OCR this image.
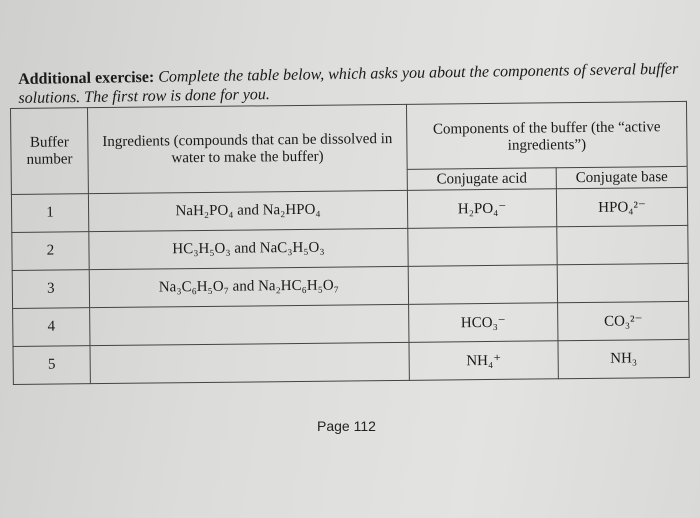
Additional exercise: Complete the table below, which asks you about the components of several buffer solutions. The first row is done for you.
Buffer number	Ingredients (compounds that can be dissolved in water to make the buffer)	Components of the buffer (the “active ingredients”)	
		Conjugate acid	Conjugate base
1	NaH₂PO₄ and Na₂HPO₄	H₂PO₄⁻	HPO₄²⁻
2	HC₃H₅O₃ and NaC₃H₅O₃		
3	Na₃C₆H₅O₇ and Na₂HC₆H₅O₇		
4		HCO₃⁻	CO₃²⁻
5		NH₄⁺	NH₃
Page 112
